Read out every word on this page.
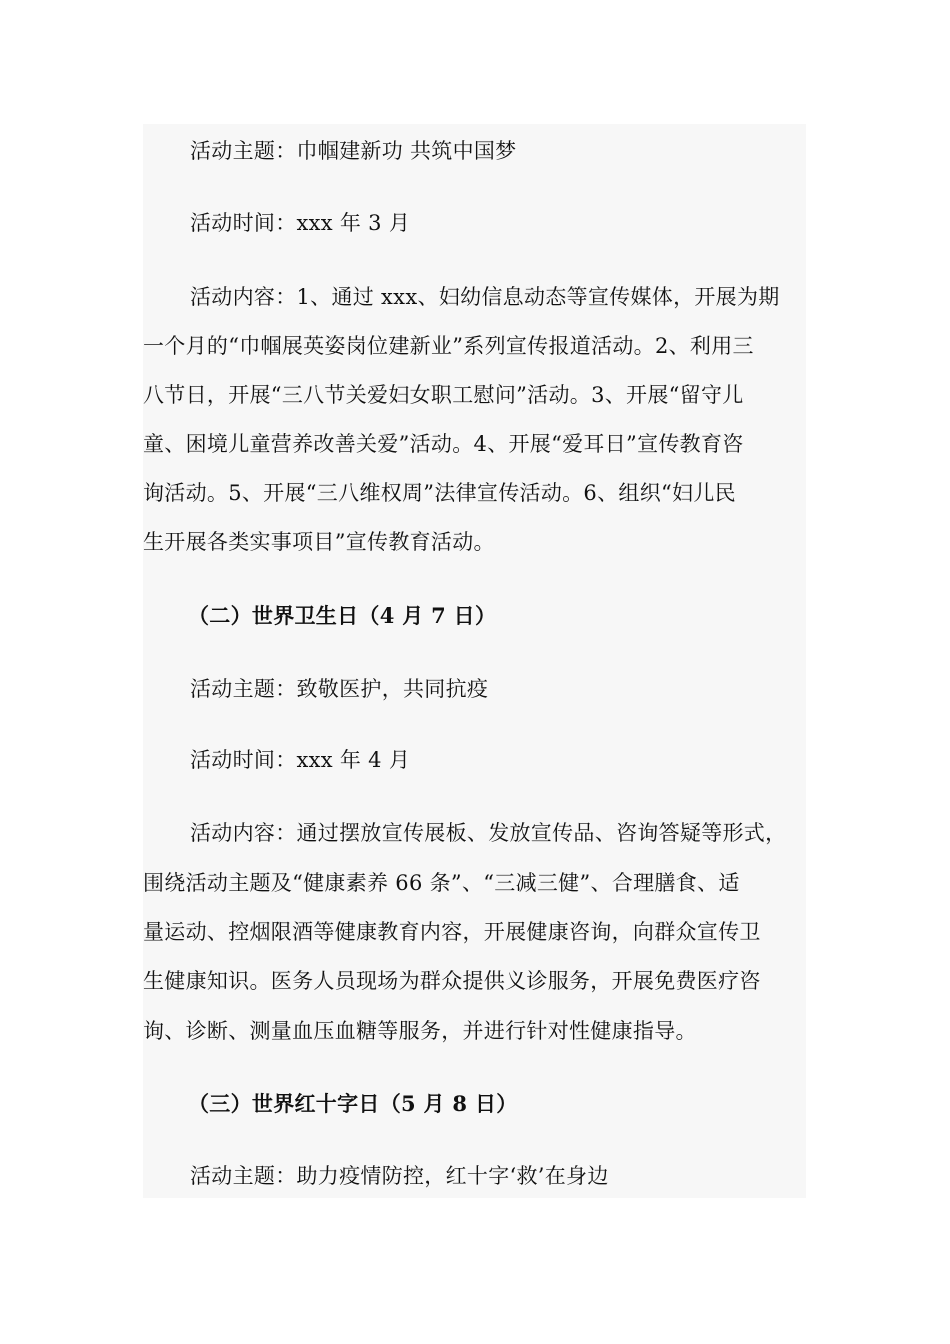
活动主题：巾帼建新功 共筑中国梦
活动时间：xxx 年 3 月
活动内容：1、通过 xxx、妇幼信息动态等宣传媒体，开展为期
一个月的“巾帼展英姿岗位建新业”系列宣传报道活动。2、利用三
八节日，开展“三八节关爱妇女职工慰问”活动。3、开展“留守儿
童、困境儿童营养改善关爱”活动。4、开展“爱耳日”宣传教育咨
询活动。5、开展“三八维权周”法律宣传活动。6、组织“妇儿民
生开展各类实事项目”宣传教育活动。
（二）世界卫生日（4 月 7 日）
活动主题：致敬医护，共同抗疫
活动时间：xxx 年 4 月
活动内容：通过摆放宣传展板、发放宣传品、咨询答疑等形式，
围绕活动主题及“健康素养 66 条”、“三减三健”、合理膳食、适
量运动、控烟限酒等健康教育内容，开展健康咨询，向群众宣传卫
生健康知识。医务人员现场为群众提供义诊服务，开展免费医疗咨
询、诊断、测量血压血糖等服务，并进行针对性健康指导。
（三）世界红十字日（5 月 8 日）
活动主题：助力疫情防控，红十字‘救’在身边
